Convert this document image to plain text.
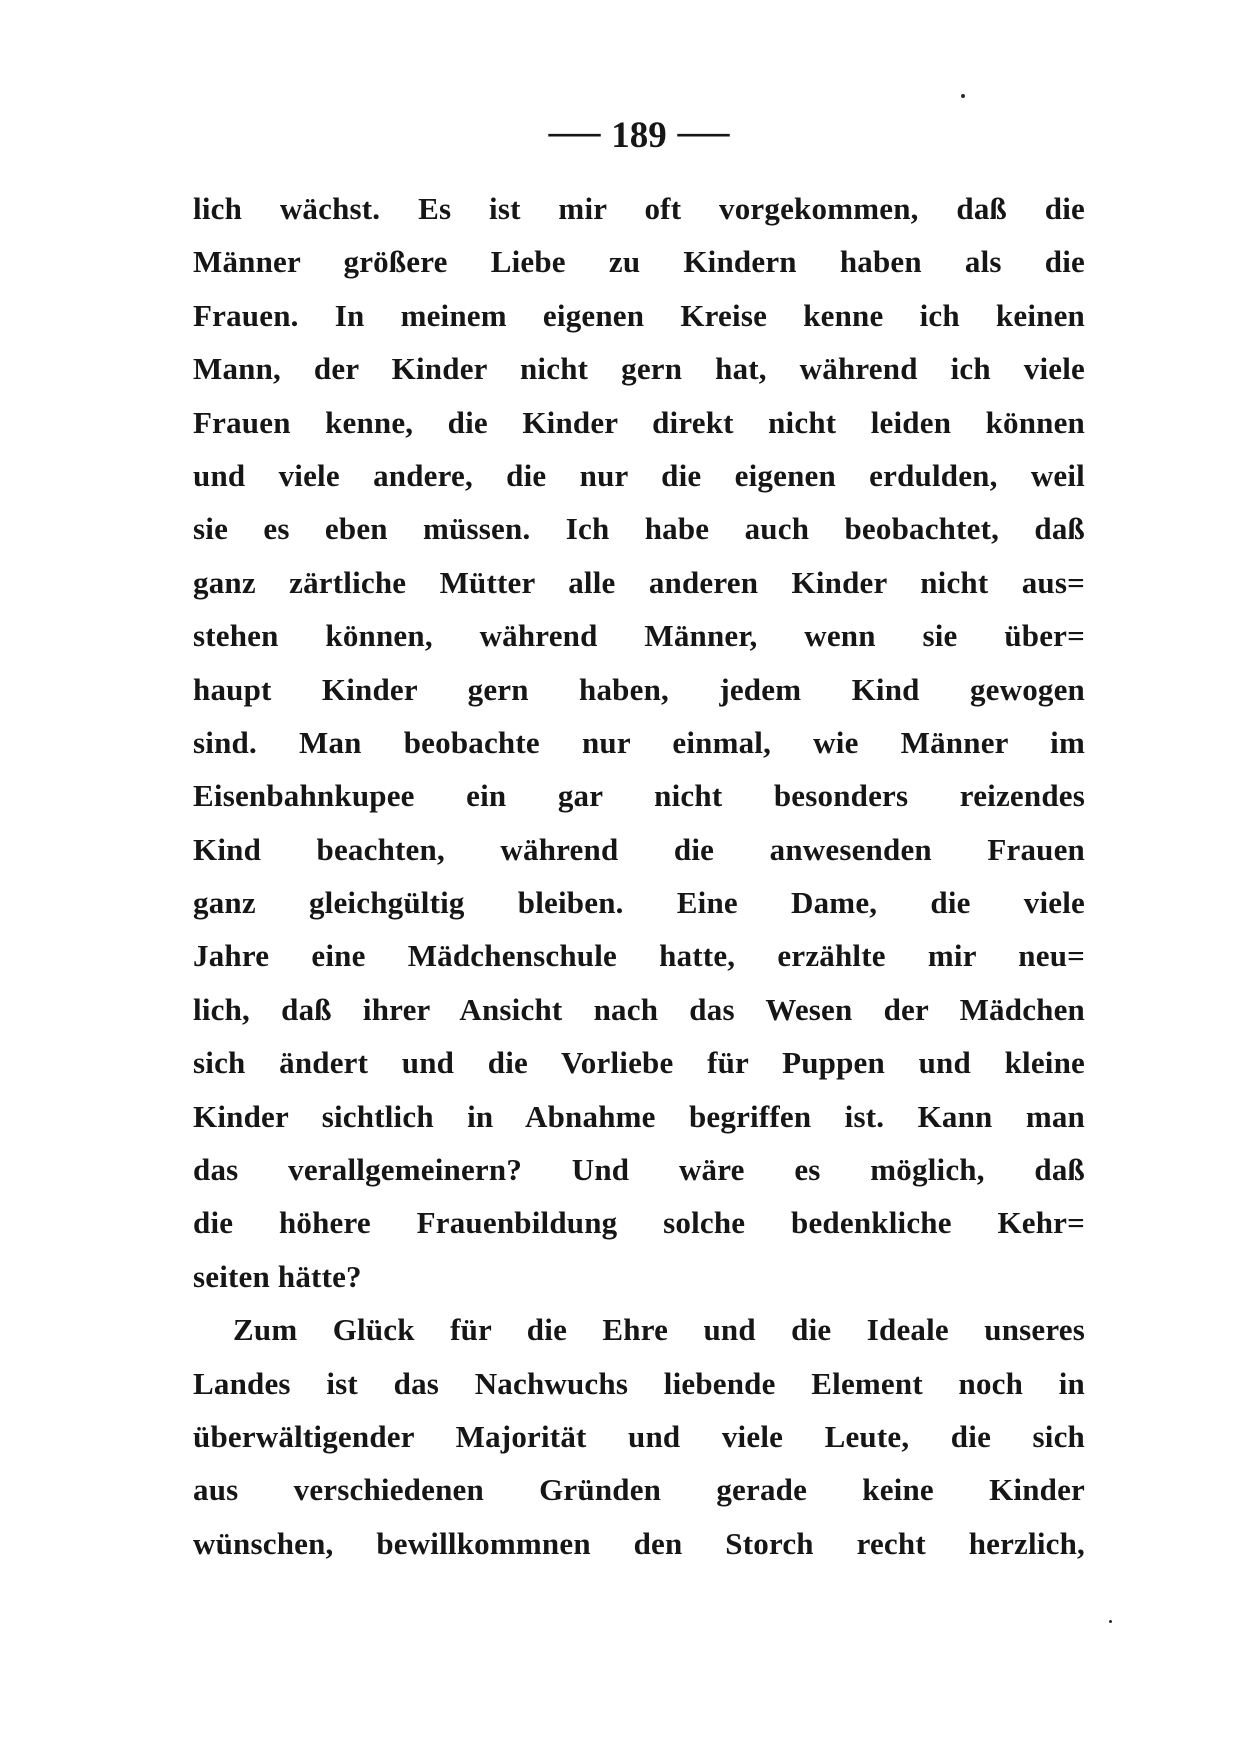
— 189 —
lich wächst. Es ist mir oft vorgekommen, daß die
Männer größere Liebe zu Kindern haben als die
Frauen. In meinem eigenen Kreise kenne ich keinen
Mann, der Kinder nicht gern hat, während ich viele
Frauen kenne, die Kinder direkt nicht leiden können
und viele andere, die nur die eigenen erdulden, weil
sie es eben müssen. Ich habe auch beobachtet, daß
ganz zärtliche Mütter alle anderen Kinder nicht aus=
stehen können, während Männer, wenn sie über=
haupt Kinder gern haben, jedem Kind gewogen
sind. Man beobachte nur einmal, wie Männer im
Eisenbahnkupee ein gar nicht besonders reizendes
Kind beachten, während die anwesenden Frauen
ganz gleichgültig bleiben. Eine Dame, die viele
Jahre eine Mädchenschule hatte, erzählte mir neu=
lich, daß ihrer Ansicht nach das Wesen der Mädchen
sich ändert und die Vorliebe für Puppen und kleine
Kinder sichtlich in Abnahme begriffen ist. Kann man
das verallgemeinern? Und wäre es möglich, daß
die höhere Frauenbildung solche bedenkliche Kehr=
seiten hätte?
Zum Glück für die Ehre und die Ideale unseres
Landes ist das Nachwuchs liebende Element noch in
überwältigender Majorität und viele Leute, die sich
aus verschiedenen Gründen gerade keine Kinder
wünschen, bewillkommnen den Storch recht herzlich,
